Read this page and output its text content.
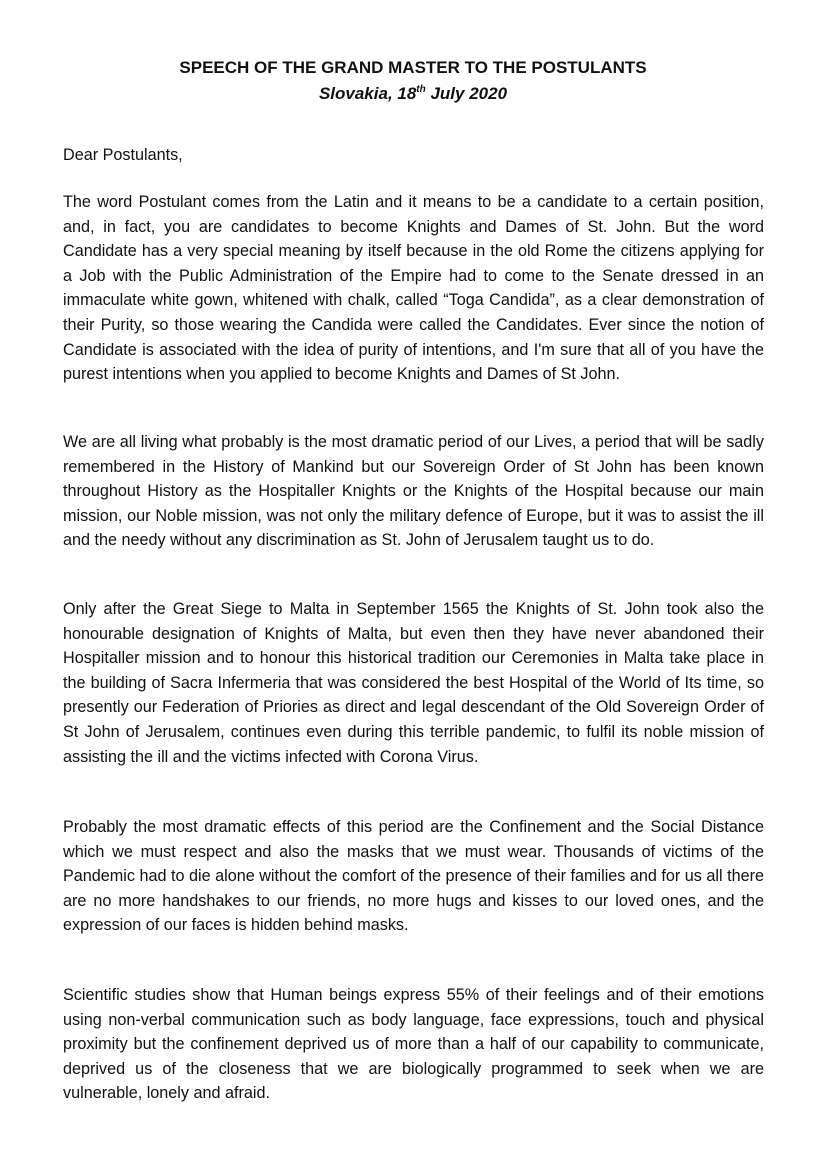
SPEECH OF THE GRAND MASTER TO THE POSTULANTS
Slovakia, 18th July 2020
Dear Postulants,

The word Postulant comes from the Latin and it means to be a candidate to a certain position, and, in fact, you are candidates to become Knights and Dames of St. John. But the word Candidate has a very special meaning by itself because in the old Rome the citizens applying for a Job with the Public Administration of the Empire had to come to the Senate dressed in an immaculate white gown, whitened with chalk, called “Toga Candida”, as a clear demonstration of their Purity, so those wearing the Candida were called the Candidates. Ever since the notion of Candidate is associated with the idea of purity of intentions, and I'm sure that all of you have the purest intentions when you applied to become Knights and Dames of St John.

We are all living what probably is the most dramatic period of our Lives, a period that will be sadly remembered in the History of Mankind but our Sovereign Order of St John has been known throughout History as the Hospitaller Knights or the Knights of the Hospital because our main mission, our Noble mission, was not only the military defence of Europe, but it was to assist the ill and the needy without any discrimination as St. John of Jerusalem taught us to do.

Only after the Great Siege to Malta in September 1565 the Knights of St. John took also the honourable designation of Knights of Malta, but even then they have never abandoned their Hospitaller mission and to honour this historical tradition our Ceremonies in Malta take place in the building of Sacra Infermeria that was considered the best Hospital of the World of Its time, so presently our Federation of Priories as direct and legal descendant of the Old Sovereign Order of St John of Jerusalem, continues even during this terrible pandemic, to fulfil its noble mission of assisting the ill and the victims infected with Corona Virus.

Probably the most dramatic effects of this period are the Confinement and the Social Distance which we must respect and also the masks that we must wear. Thousands of victims of the Pandemic had to die alone without the comfort of the presence of their families and for us all there are no more handshakes to our friends, no more hugs and kisses to our loved ones, and the expression of our faces is hidden behind masks.

Scientific studies show that Human beings express 55% of their feelings and of their emotions using non-verbal communication such as body language, face expressions, touch and physical proximity but the confinement deprived us of more than a half of our capability to communicate, deprived us of the closeness that we are biologically programmed to seek when we are vulnerable, lonely and afraid.
